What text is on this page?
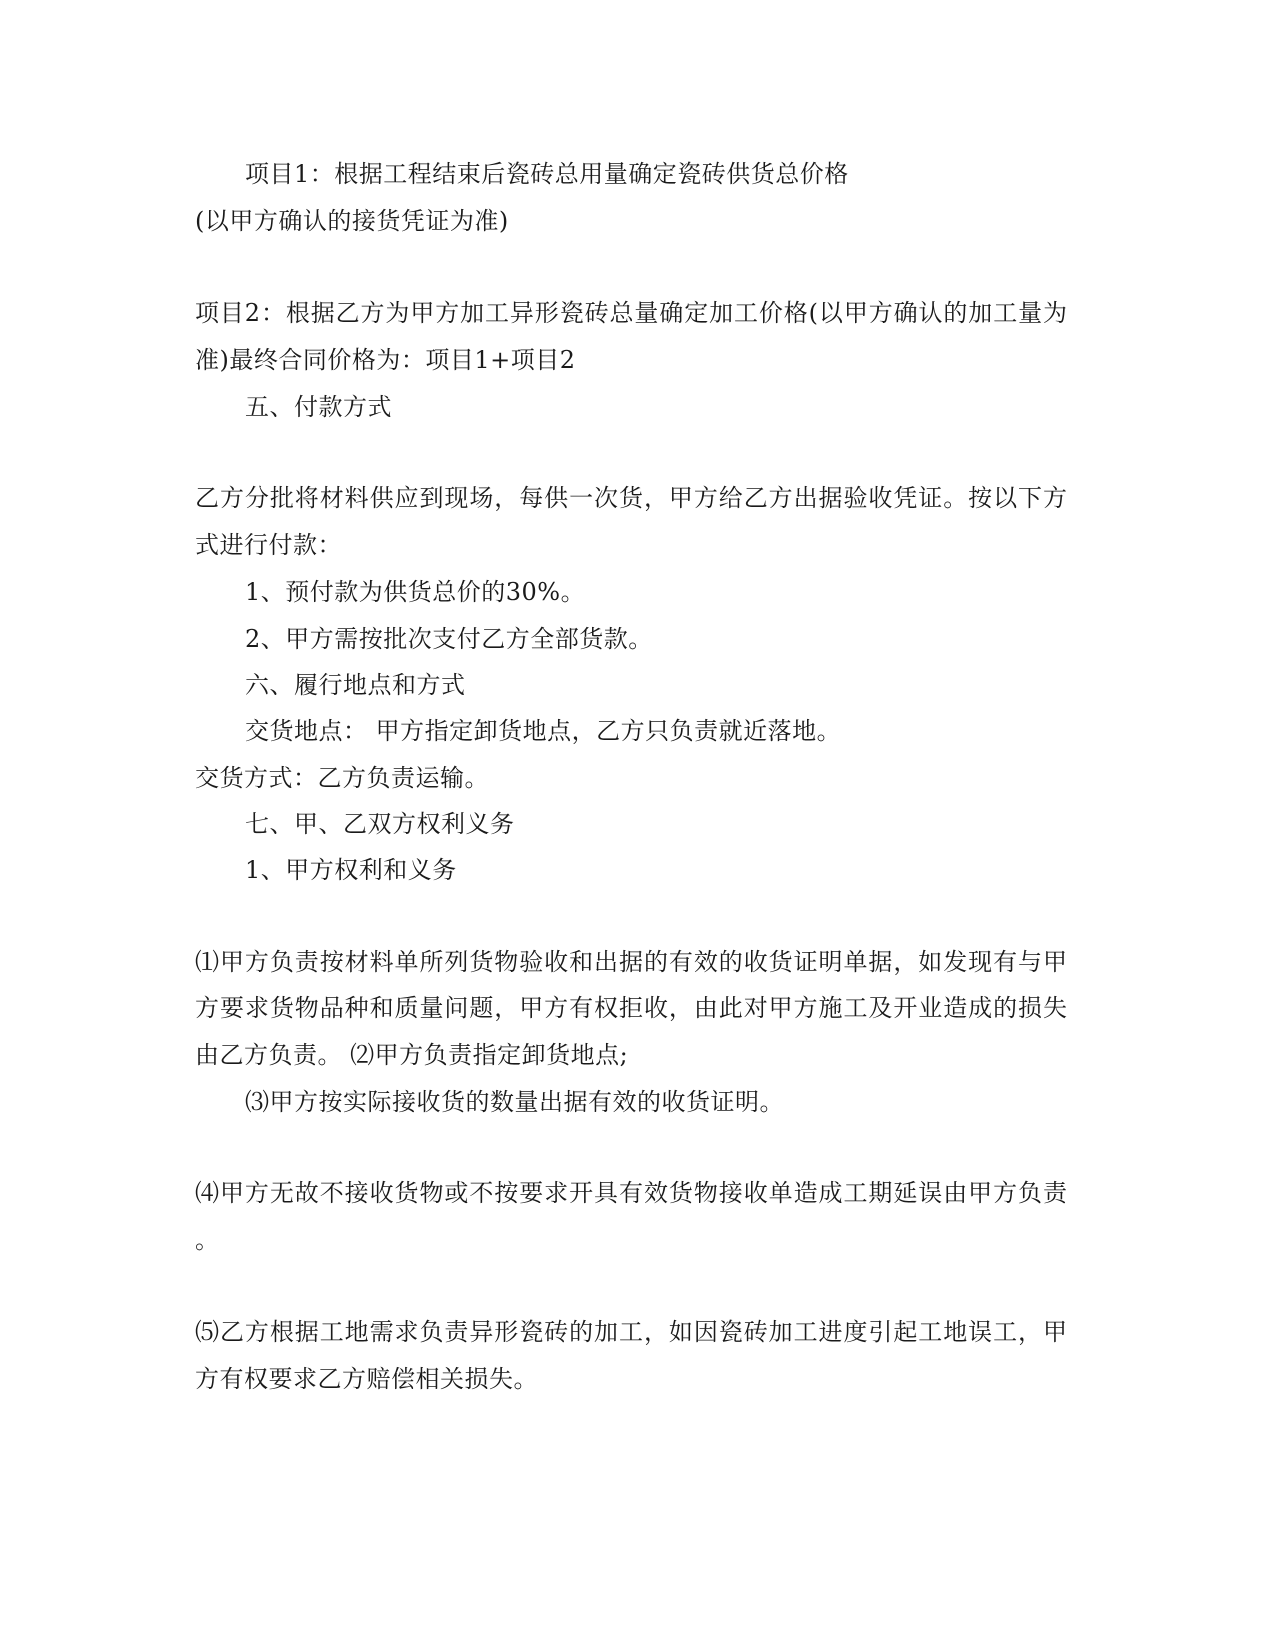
项目1：根据工程结束后瓷砖总用量确定瓷砖供货总价格
(以甲方确认的接货凭证为准)
项目2：根据乙方为甲方加工异形瓷砖总量确定加工价格(以甲方确认的加工量为
准)最终合同价格为：项目1+项目2
五、付款方式
乙方分批将材料供应到现场，每供一次货，甲方给乙方出据验收凭证。按以下方
式进行付款：
1、预付款为供货总价的30%。
2、甲方需按批次支付乙方全部货款。
六、履行地点和方式
交货地点： 甲方指定卸货地点，乙方只负责就近落地。
交货方式：乙方负责运输。
七、甲、乙双方权利义务
1、甲方权利和义务
⑴甲方负责按材料单所列货物验收和出据的有效的收货证明单据，如发现有与甲
方要求货物品种和质量问题，甲方有权拒收，由此对甲方施工及开业造成的损失
由乙方负责。 ⑵甲方负责指定卸货地点;
⑶甲方按实际接收货的数量出据有效的收货证明。
⑷甲方无故不接收货物或不按要求开具有效货物接收单造成工期延误由甲方负责
。
⑸乙方根据工地需求负责异形瓷砖的加工，如因瓷砖加工进度引起工地误工，甲
方有权要求乙方赔偿相关损失。
